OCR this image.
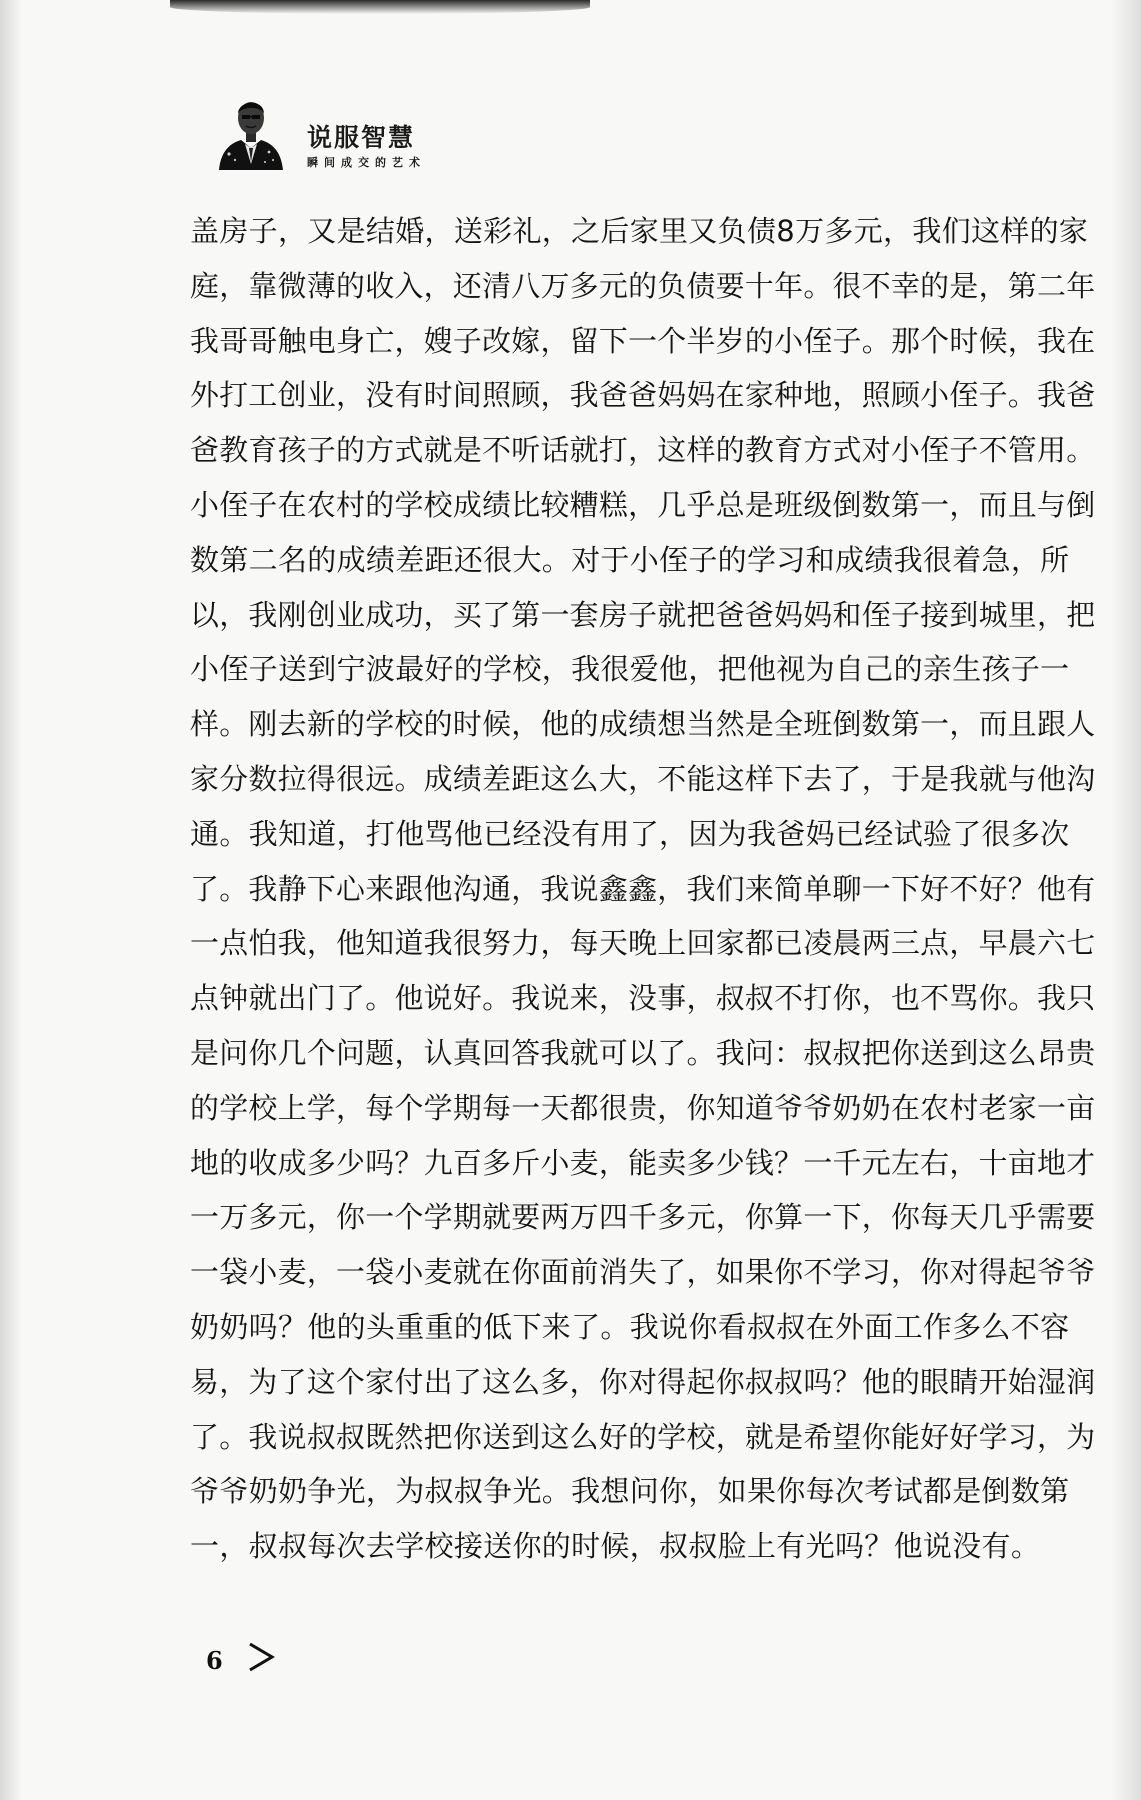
说服智慧
瞬间成交的艺术
盖房子，又是结婚，送彩礼，之后家里又负债8万多元，我们这样的家
庭，靠微薄的收入，还清八万多元的负债要十年。很不幸的是，第二年
我哥哥触电身亡，嫂子改嫁，留下一个半岁的小侄子。那个时候，我在
外打工创业，没有时间照顾，我爸爸妈妈在家种地，照顾小侄子。我爸
爸教育孩子的方式就是不听话就打，这样的教育方式对小侄子不管用。
小侄子在农村的学校成绩比较糟糕，几乎总是班级倒数第一，而且与倒
数第二名的成绩差距还很大。对于小侄子的学习和成绩我很着急，所
以，我刚创业成功，买了第一套房子就把爸爸妈妈和侄子接到城里，把
小侄子送到宁波最好的学校，我很爱他，把他视为自己的亲生孩子一
样。刚去新的学校的时候，他的成绩想当然是全班倒数第一，而且跟人
家分数拉得很远。成绩差距这么大，不能这样下去了，于是我就与他沟
通。我知道，打他骂他已经没有用了，因为我爸妈已经试验了很多次
了。我静下心来跟他沟通，我说鑫鑫，我们来简单聊一下好不好？他有
一点怕我，他知道我很努力，每天晚上回家都已凌晨两三点，早晨六七
点钟就出门了。他说好。我说来，没事，叔叔不打你，也不骂你。我只
是问你几个问题，认真回答我就可以了。我问：叔叔把你送到这么昂贵
的学校上学，每个学期每一天都很贵，你知道爷爷奶奶在农村老家一亩
地的收成多少吗？九百多斤小麦，能卖多少钱？一千元左右，十亩地才
一万多元，你一个学期就要两万四千多元，你算一下，你每天几乎需要
一袋小麦，一袋小麦就在你面前消失了，如果你不学习，你对得起爷爷
奶奶吗？他的头重重的低下来了。我说你看叔叔在外面工作多么不容
易，为了这个家付出了这么多，你对得起你叔叔吗？他的眼睛开始湿润
了。我说叔叔既然把你送到这么好的学校，就是希望你能好好学习，为
爷爷奶奶争光，为叔叔争光。我想问你，如果你每次考试都是倒数第
一，叔叔每次去学校接送你的时候，叔叔脸上有光吗？他说没有。
6
